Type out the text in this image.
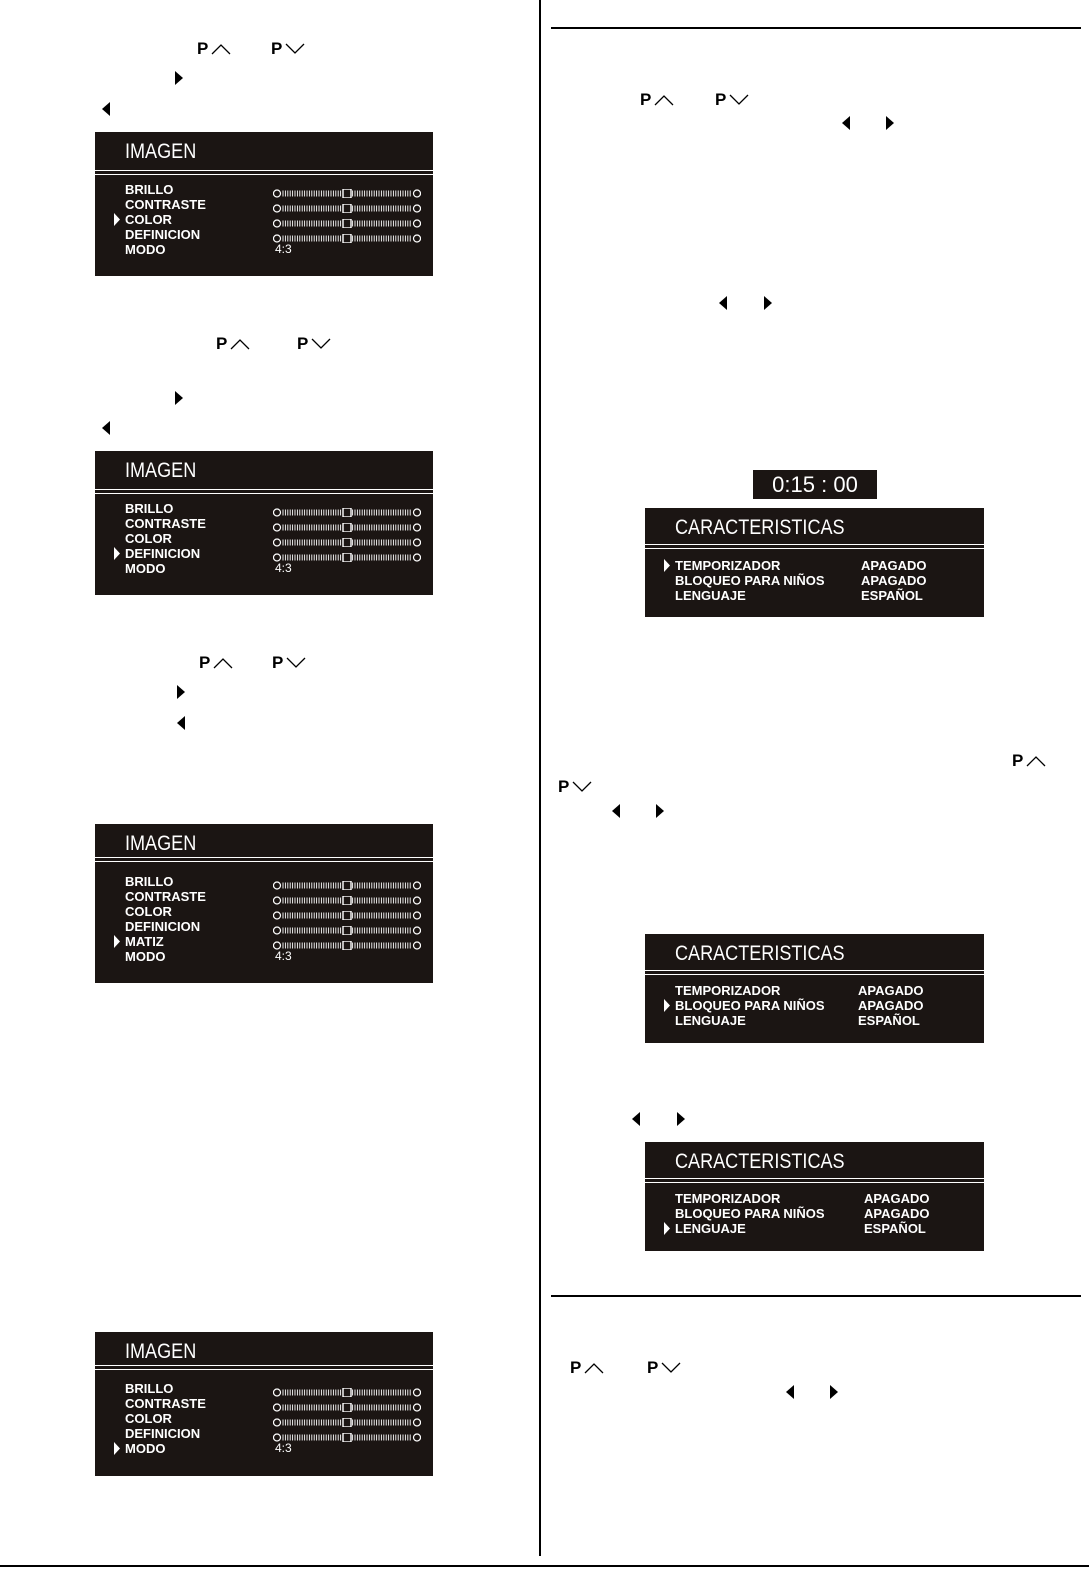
P	P
IMAGEN
BRILLO
CONTRASTE
COLOR
DEFINICION
MODO	4:3
P	P
IMAGEN
BRILLO
CONTRASTE
COLOR
DEFINICION
MODO	4:3
P	P
IMAGEN
BRILLO
CONTRASTE
COLOR
DEFINICION
MATIZ
MODO	4:3
IMAGEN
BRILLO
CONTRASTE
COLOR
DEFINICION
MODO	4:3
P	P
0:15 : 00
CARACTERISTICAS
TEMPORIZADOR	APAGADO
BLOQUEO PARA NIÑOS	APAGADO
LENGUAJE	ESPAÑOL
P
P
CARACTERISTICAS
TEMPORIZADOR	APAGADO
BLOQUEO PARA NIÑOS	APAGADO
LENGUAJE	ESPAÑOL
CARACTERISTICAS
TEMPORIZADOR	APAGADO
BLOQUEO PARA NIÑOS	APAGADO
LENGUAJE	ESPAÑOL
P	P
